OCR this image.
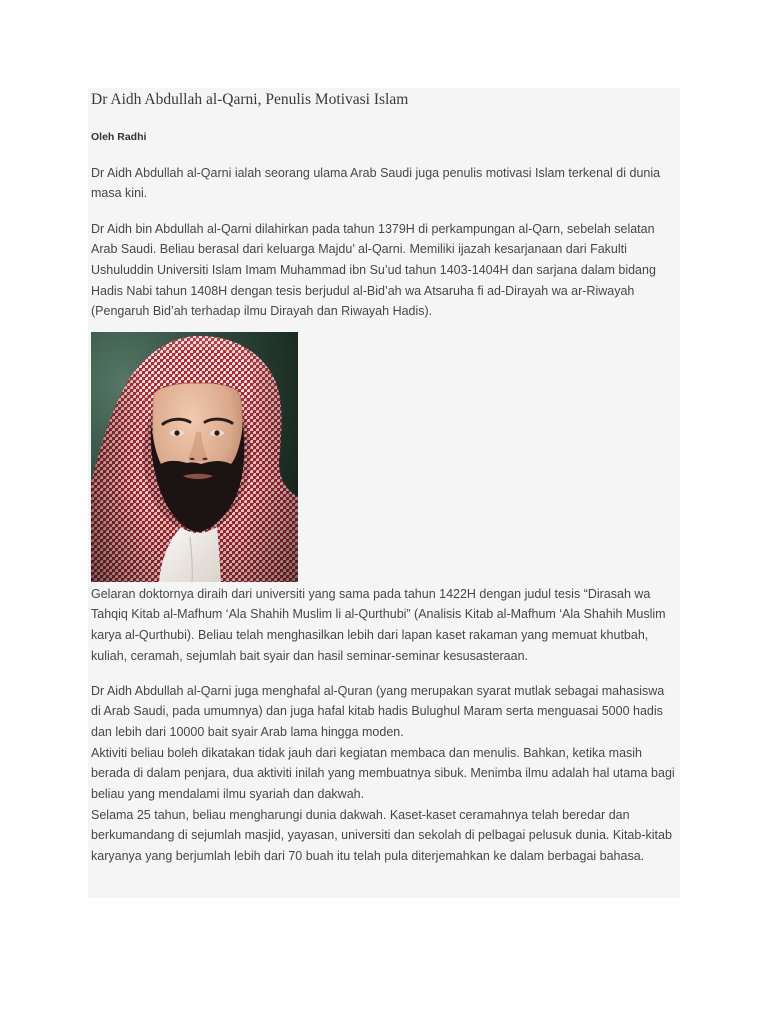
Dr Aidh Abdullah al-Qarni, Penulis Motivasi Islam
Oleh Radhi
Dr Aidh Abdullah al-Qarni ialah seorang ulama Arab Saudi juga penulis motivasi Islam terkenal di dunia
masa kini.
Dr Aidh bin Abdullah al-Qarni dilahirkan pada tahun 1379H di perkampungan al-Qarn, sebelah selatan
Arab Saudi. Beliau berasal dari keluarga Majdu’ al-Qarni. Memiliki ijazah kesarjanaan dari Fakulti
Ushuluddin Universiti Islam Imam Muhammad ibn Su’ud tahun 1403-1404H dan sarjana dalam bidang
Hadis Nabi tahun 1408H dengan tesis berjudul al-Bid’ah wa Atsaruha fi ad-Dirayah wa ar-Riwayah
(Pengaruh Bid’ah terhadap ilmu Dirayah dan Riwayah Hadis).
Gelaran doktornya diraih dari universiti yang sama pada tahun 1422H dengan judul tesis “Dirasah wa
Tahqiq Kitab al-Mafhum ‘Ala Shahih Muslim li al-Qurthubi” (Analisis Kitab al-Mafhum ‘Ala Shahih Muslim
karya al-Qurthubi). Beliau telah menghasilkan lebih dari lapan kaset rakaman yang memuat khutbah,
kuliah, ceramah, sejumlah bait syair dan hasil seminar-seminar kesusasteraan.
Dr Aidh Abdullah al-Qarni juga menghafal al-Quran (yang merupakan syarat mutlak sebagai mahasiswa
di Arab Saudi, pada umumnya) dan juga hafal kitab hadis Bulughul Maram serta menguasai 5000 hadis
dan lebih dari 10000 bait syair Arab lama hingga moden.
Aktiviti beliau boleh dikatakan tidak jauh dari kegiatan membaca dan menulis. Bahkan, ketika masih
berada di dalam penjara, dua aktiviti inilah yang membuatnya sibuk. Menimba ilmu adalah hal utama bagi
beliau yang mendalami ilmu syariah dan dakwah.
Selama 25 tahun, beliau mengharungi dunia dakwah. Kaset-kaset ceramahnya telah beredar dan
berkumandang di sejumlah masjid, yayasan, universiti dan sekolah di pelbagai pelusuk dunia. Kitab-kitab
karyanya yang berjumlah lebih dari 70 buah itu telah pula diterjemahkan ke dalam berbagai bahasa.
